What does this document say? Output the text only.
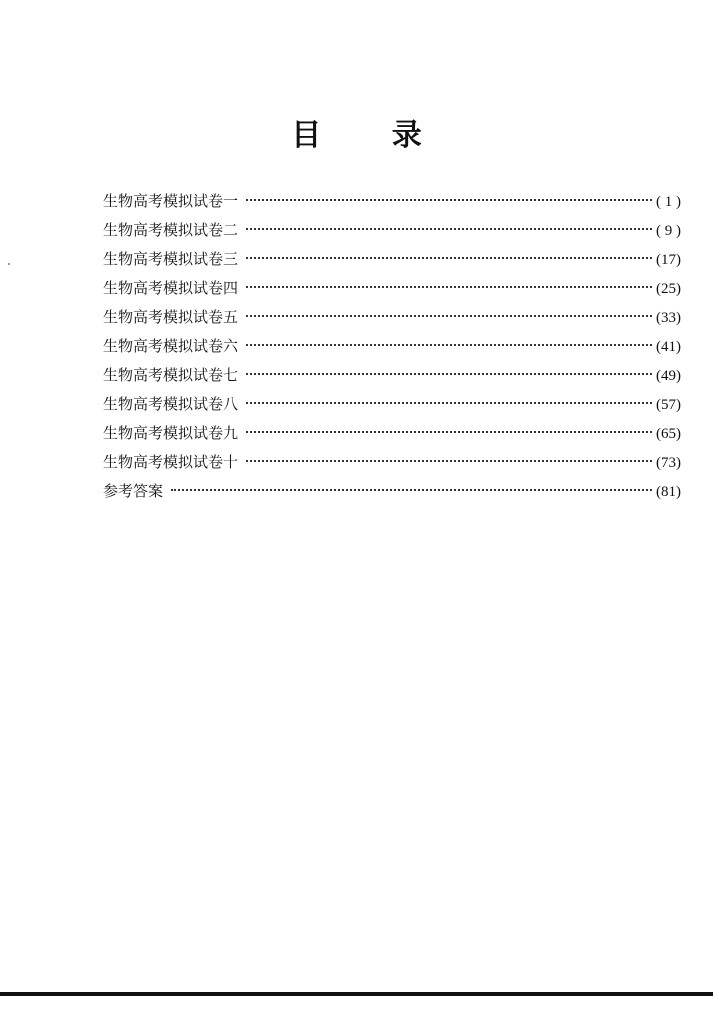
目 录
生物高考模拟试卷一	( 1 )
生物高考模拟试卷二	( 9 )
生物高考模拟试卷三	(17)
生物高考模拟试卷四	(25)
生物高考模拟试卷五	(33)
生物高考模拟试卷六	(41)
生物高考模拟试卷七	(49)
生物高考模拟试卷八	(57)
生物高考模拟试卷九	(65)
生物高考模拟试卷十	(73)
参考答案	(81)
